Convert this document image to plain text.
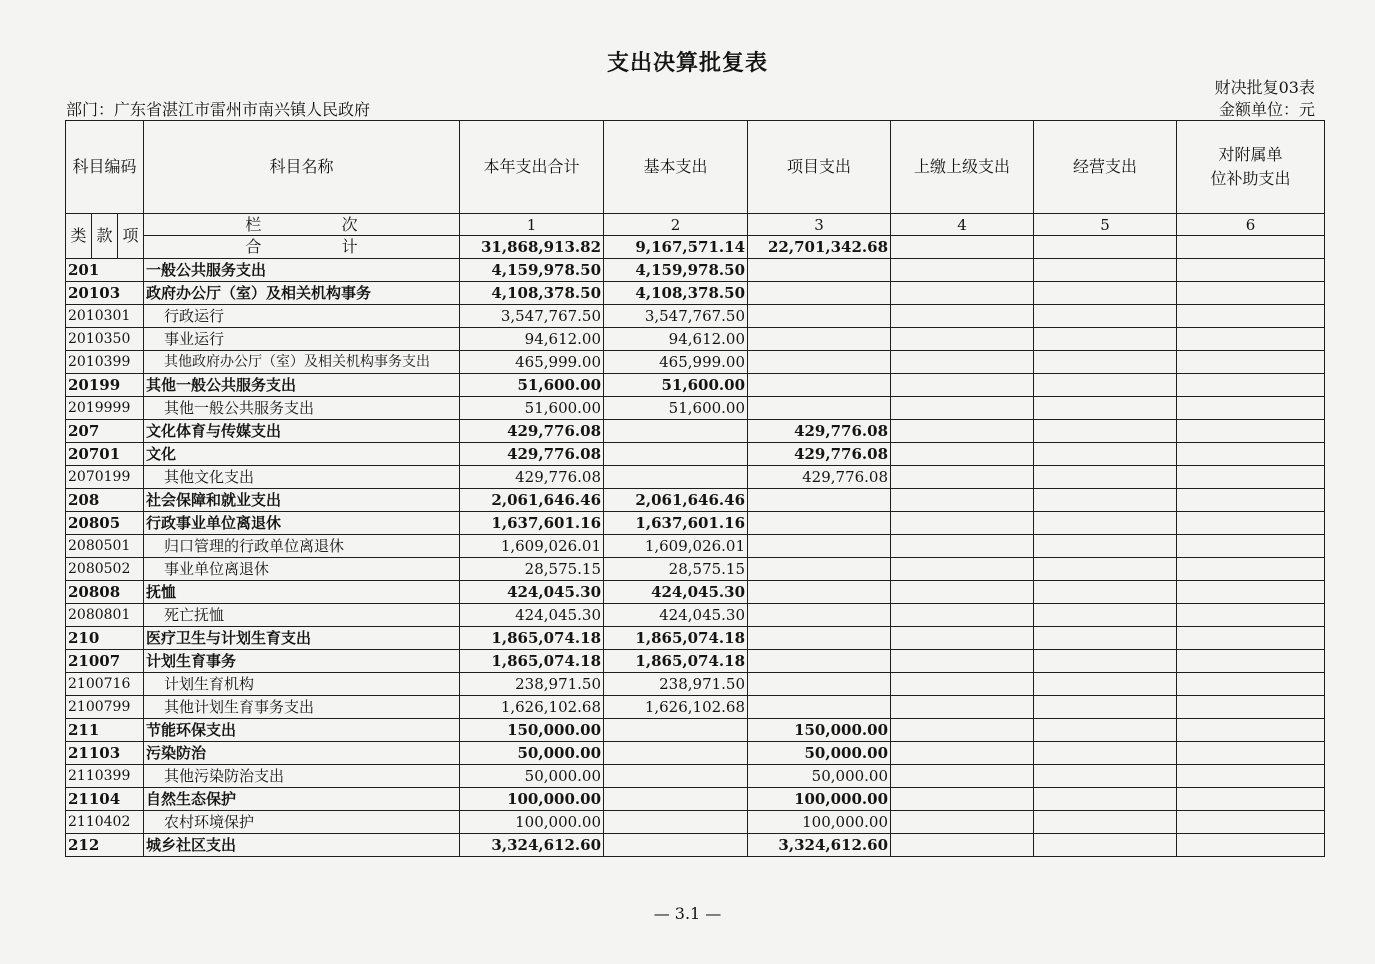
支出决算批复表
财决批复03表
部门：广东省湛江市雷州市南兴镇人民政府	金额单位：元
科目编码			科目名称	本年支出合计	基本支出	项目支出	上缴上级支出	经营支出	对附属单
位补助支出

类	款	项	栏 次	1	2	3	4	5	6
			合 计	31,868,913.82	9,167,571.14	22,701,342.68			
201			一般公共服务支出	4,159,978.50	4,159,978.50				
20103			政府办公厅（室）及相关机构事务	4,108,378.50	4,108,378.50				
2010301			行政运行	3,547,767.50	3,547,767.50				
2010350			事业运行	94,612.00	94,612.00				
2010399			其他政府办公厅（室）及相关机构事务支出	465,999.00	465,999.00				
20199			其他一般公共服务支出	51,600.00	51,600.00				
2019999			其他一般公共服务支出	51,600.00	51,600.00				
207			文化体育与传媒支出	429,776.08		429,776.08			
20701			文化	429,776.08		429,776.08			
2070199			其他文化支出	429,776.08		429,776.08			
208			社会保障和就业支出	2,061,646.46	2,061,646.46				
20805			行政事业单位离退休	1,637,601.16	1,637,601.16				
2080501			归口管理的行政单位离退休	1,609,026.01	1,609,026.01				
2080502			事业单位离退休	28,575.15	28,575.15				
20808			抚恤	424,045.30	424,045.30				
2080801			死亡抚恤	424,045.30	424,045.30				
210			医疗卫生与计划生育支出	1,865,074.18	1,865,074.18				
21007			计划生育事务	1,865,074.18	1,865,074.18				
2100716			计划生育机构	238,971.50	238,971.50				
2100799			其他计划生育事务支出	1,626,102.68	1,626,102.68				
211			节能环保支出	150,000.00		150,000.00			
21103			污染防治	50,000.00		50,000.00			
2110399			其他污染防治支出	50,000.00		50,000.00			
21104			自然生态保护	100,000.00		100,000.00			
2110402			农村环境保护	100,000.00		100,000.00			
212			城乡社区支出	3,324,612.60		3,324,612.60			
— 3.1 —
